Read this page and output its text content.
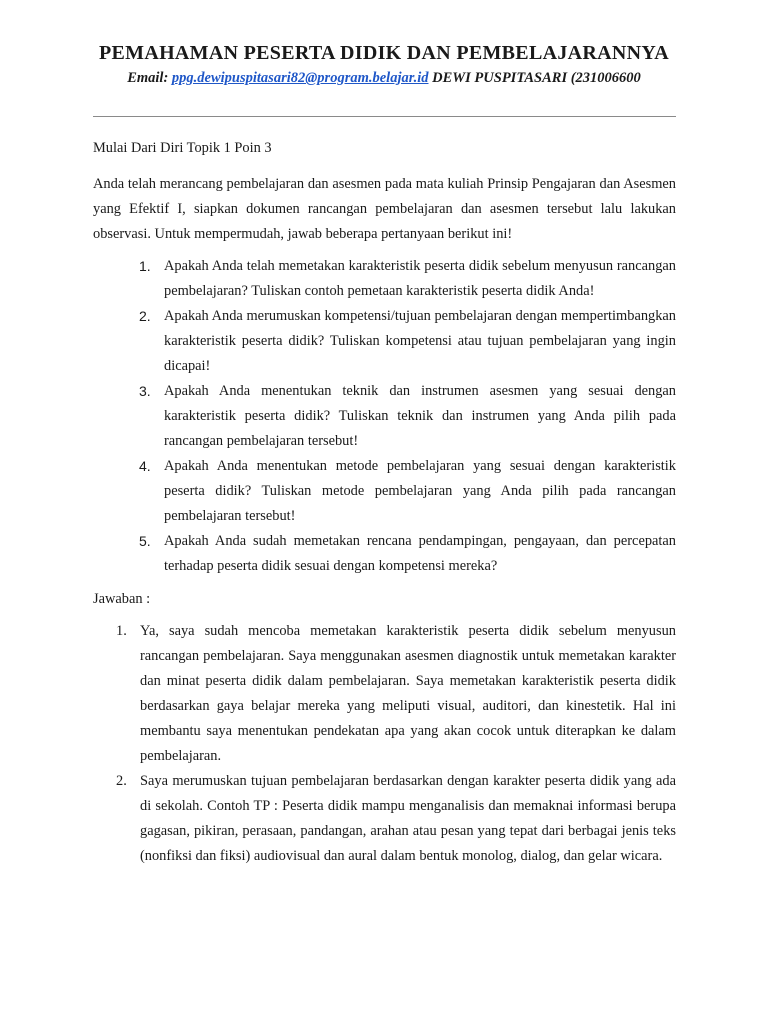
PEMAHAMAN PESERTA DIDIK DAN PEMBELAJARANNYA
Email: ppg.dewipuspitasari82@program.belajar.id DEWI PUSPITASARI (231006600

Mulai Dari Diri Topik 1 Poin 3

Anda telah merancang pembelajaran dan asesmen pada mata kuliah Prinsip Pengajaran dan Asesmen yang Efektif I, siapkan dokumen rancangan pembelajaran dan asesmen tersebut lalu lakukan observasi. Untuk mempermudah, jawab beberapa pertanyaan berikut ini!

1. Apakah Anda telah memetakan karakteristik peserta didik sebelum menyusun rancangan pembelajaran? Tuliskan contoh pemetaan karakteristik peserta didik Anda!
2. Apakah Anda merumuskan kompetensi/tujuan pembelajaran dengan mempertimbangkan karakteristik peserta didik? Tuliskan kompetensi atau tujuan pembelajaran yang ingin dicapai!
3. Apakah Anda menentukan teknik dan instrumen asesmen yang sesuai dengan karakteristik peserta didik? Tuliskan teknik dan instrumen yang Anda pilih pada rancangan pembelajaran tersebut!
4. Apakah Anda menentukan metode pembelajaran yang sesuai dengan karakteristik peserta didik? Tuliskan metode pembelajaran yang Anda pilih pada rancangan pembelajaran tersebut!
5. Apakah Anda sudah memetakan rencana pendampingan, pengayaan, dan percepatan terhadap peserta didik sesuai dengan kompetensi mereka?

Jawaban :

1. Ya, saya sudah mencoba memetakan karakteristik peserta didik sebelum menyusun rancangan pembelajaran. Saya menggunakan asesmen diagnostik untuk memetakan karakter dan minat peserta didik dalam pembelajaran. Saya memetakan karakteristik peserta didik berdasarkan gaya belajar mereka yang meliputi visual, auditori, dan kinestetik. Hal ini membantu saya menentukan pendekatan apa yang akan cocok untuk diterapkan ke dalam pembelajaran.
2. Saya merumuskan tujuan pembelajaran berdasarkan dengan karakter peserta didik yang ada di sekolah. Contoh TP : Peserta didik mampu menganalisis dan memaknai informasi berupa gagasan, pikiran, perasaan, pandangan, arahan atau pesan yang tepat dari berbagai jenis teks (nonfiksi dan fiksi) audiovisual dan aural dalam bentuk monolog, dialog, dan gelar wicara.
